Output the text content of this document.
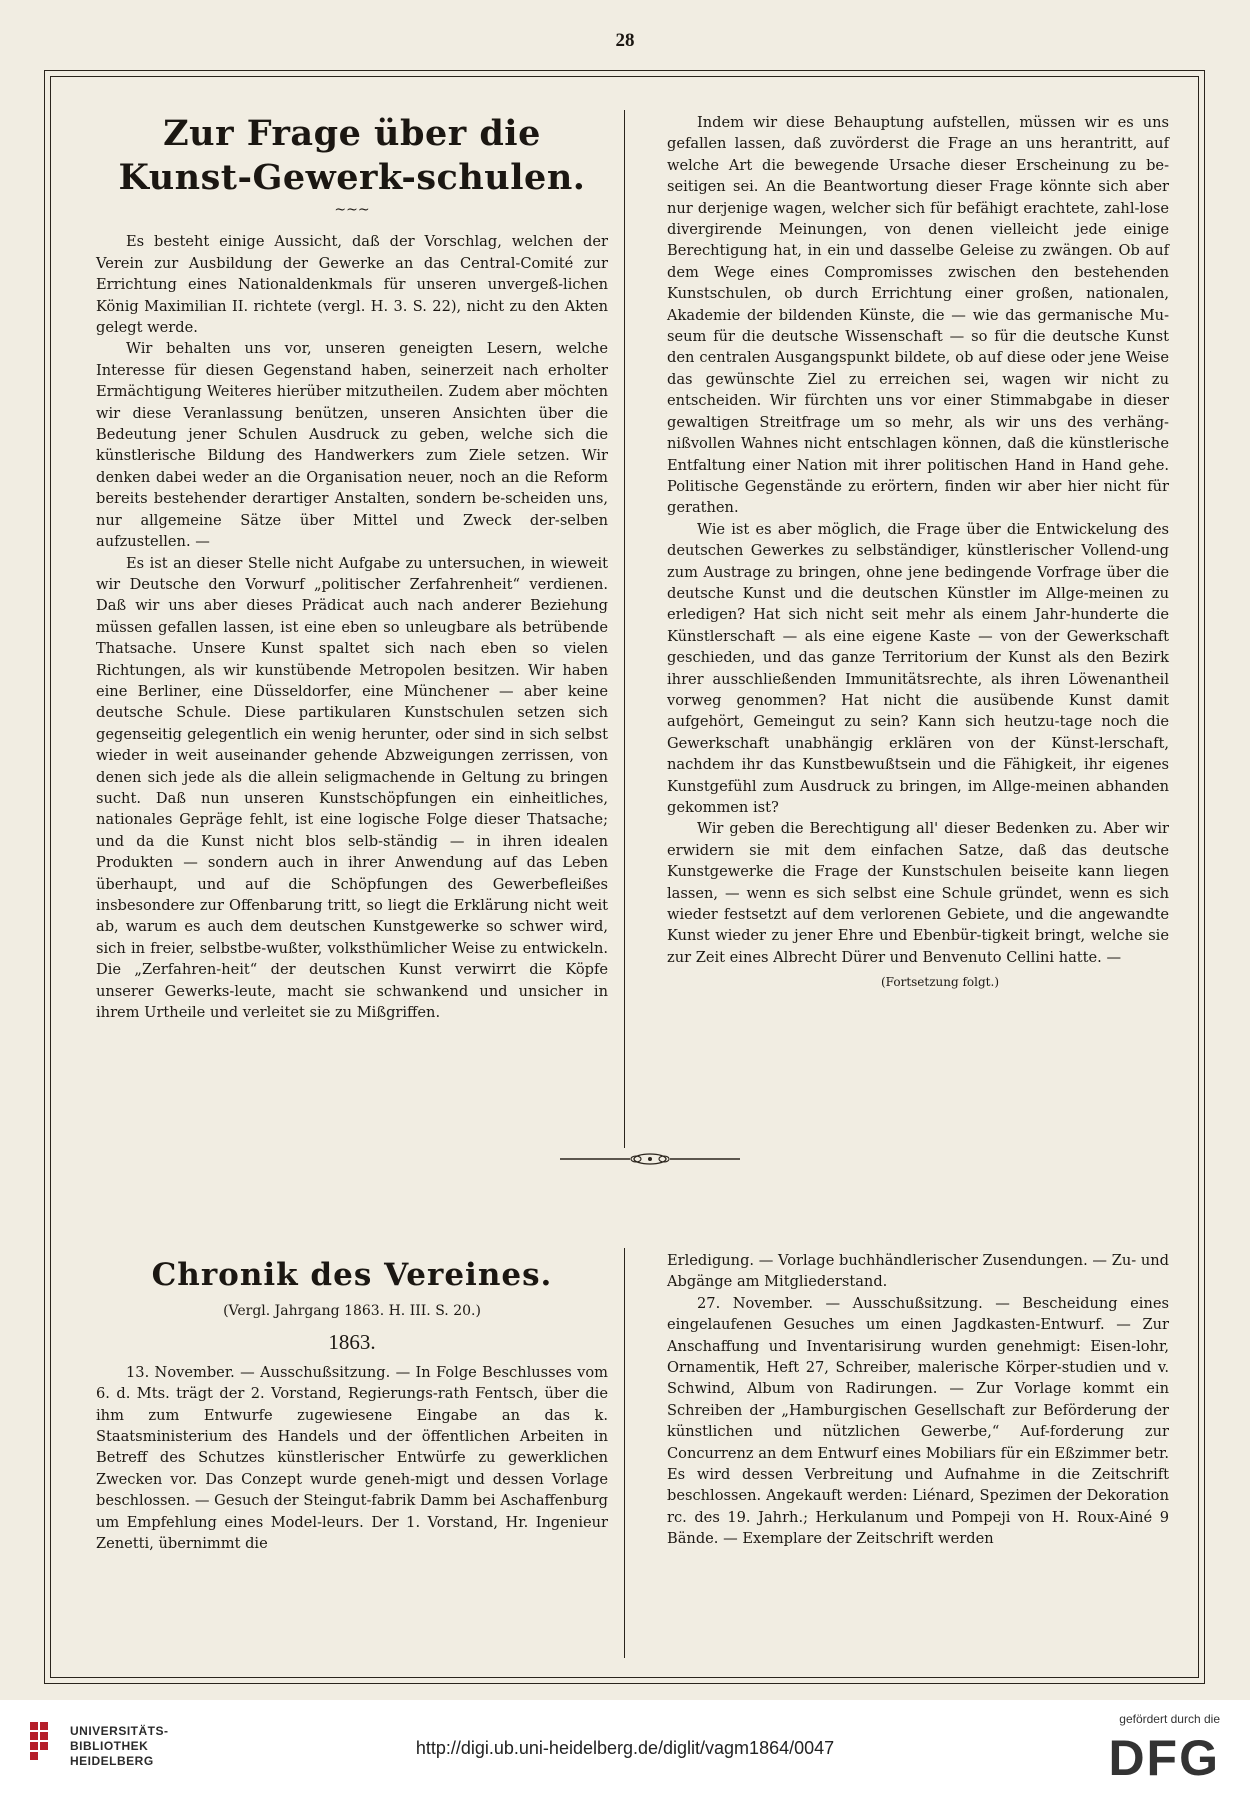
28
Zur Frage über die Kunst-Gewerk-schulen.
~~~

Es besteht einige Aussicht, daß der Vorschlag, welchen der Verein zur Ausbildung der Gewerke an das Central-Comité zur Errichtung eines Nationaldenkmals für unseren unvergeß-lichen König Maximilian II. richtete (vergl. H. 3. S. 22), nicht zu den Akten gelegt werde.

Wir behalten uns vor, unseren geneigten Lesern, welche Interesse für diesen Gegenstand haben, seinerzeit nach erholter Ermächtigung Weiteres hierüber mitzutheilen. Zudem aber möchten wir diese Veranlassung benützen, unseren Ansichten über die Bedeutung jener Schulen Ausdruck zu geben, welche sich die künstlerische Bildung des Handwerkers zum Ziele setzen. Wir denken dabei weder an die Organisation neuer, noch an die Reform bereits bestehender derartiger Anstalten, sondern be-scheiden uns, nur allgemeine Sätze über Mittel und Zweck der-selben aufzustellen. —

Es ist an dieser Stelle nicht Aufgabe zu untersuchen, in wieweit wir Deutsche den Vorwurf „politischer Zerfahrenheit“ verdienen. Daß wir uns aber dieses Prädicat auch nach anderer Beziehung müssen gefallen lassen, ist eine eben so unleugbare als betrübende Thatsache. Unsere Kunst spaltet sich nach eben so vielen Richtungen, als wir kunstübende Metropolen besitzen. Wir haben eine Berliner, eine Düsseldorfer, eine Münchener — aber keine deutsche Schule. Diese partikularen Kunstschulen setzen sich gegenseitig gelegentlich ein wenig herunter, oder sind in sich selbst wieder in weit auseinander gehende Abzweigungen zerrissen, von denen sich jede als die allein seligmachende in Geltung zu bringen sucht. Daß nun unseren Kunstschöpfungen ein einheitliches, nationales Gepräge fehlt, ist eine logische Folge dieser Thatsache; und da die Kunst nicht blos selb-ständig — in ihren idealen Produkten — sondern auch in ihrer Anwendung auf das Leben überhaupt, und auf die Schöpfungen des Gewerbefleißes insbesondere zur Offenbarung tritt, so liegt die Erklärung nicht weit ab, warum es auch dem deutschen Kunstgewerke so schwer wird, sich in freier, selbstbe-wußter, volksthümlicher Weise zu entwickeln. Die „Zerfahren-heit“ der deutschen Kunst verwirrt die Köpfe unserer Gewerks-leute, macht sie schwankend und unsicher in ihrem Urtheile und verleitet sie zu Mißgriffen.

Indem wir diese Behauptung aufstellen, müssen wir es uns gefallen lassen, daß zuvörderst die Frage an uns herantritt, auf welche Art die bewegende Ursache dieser Erscheinung zu be-seitigen sei. An die Beantwortung dieser Frage könnte sich aber nur derjenige wagen, welcher sich für befähigt erachtete, zahl-lose divergirende Meinungen, von denen vielleicht jede einige Berechtigung hat, in ein und dasselbe Geleise zu zwängen. Ob auf dem Wege eines Compromisses zwischen den bestehenden Kunstschulen, ob durch Errichtung einer großen, nationalen, Akademie der bildenden Künste, die — wie das germanische Mu-seum für die deutsche Wissenschaft — so für die deutsche Kunst den centralen Ausgangspunkt bildete, ob auf diese oder jene Weise das gewünschte Ziel zu erreichen sei, wagen wir nicht zu entscheiden. Wir fürchten uns vor einer Stimmabgabe in dieser gewaltigen Streitfrage um so mehr, als wir uns des verhäng-nißvollen Wahnes nicht entschlagen können, daß die künstlerische Entfaltung einer Nation mit ihrer politischen Hand in Hand gehe. Politische Gegenstände zu erörtern, finden wir aber hier nicht für gerathen.

Wie ist es aber möglich, die Frage über die Entwickelung des deutschen Gewerkes zu selbständiger, künstlerischer Vollend-ung zum Austrage zu bringen, ohne jene bedingende Vorfrage über die deutsche Kunst und die deutschen Künstler im Allge-meinen zu erledigen? Hat sich nicht seit mehr als einem Jahr-hunderte die Künstlerschaft — als eine eigene Kaste — von der Gewerkschaft geschieden, und das ganze Territorium der Kunst als den Bezirk ihrer ausschließenden Immunitätsrechte, als ihren Löwenantheil vorweg genommen? Hat nicht die ausübende Kunst damit aufgehört, Gemeingut zu sein? Kann sich heutzu-tage noch die Gewerkschaft unabhängig erklären von der Künst-lerschaft, nachdem ihr das Kunstbewußtsein und die Fähigkeit, ihr eigenes Kunstgefühl zum Ausdruck zu bringen, im Allge-meinen abhanden gekommen ist?

Wir geben die Berechtigung all' dieser Bedenken zu. Aber wir erwidern sie mit dem einfachen Satze, daß das deutsche Kunstgewerke die Frage der Kunstschulen beiseite kann liegen lassen, — wenn es sich selbst eine Schule gründet, wenn es sich wieder festsetzt auf dem verlorenen Gebiete, und die angewandte Kunst wieder zu jener Ehre und Ebenbür-tigkeit bringt, welche sie zur Zeit eines Albrecht Dürer und Benvenuto Cellini hatte. —

(Fortsetzung folgt.)
Chronik des Vereines.
(Vergl. Jahrgang 1863. H. III. S. 20.)
1863.

13. November. — Ausschußsitzung. — In Folge Beschlusses vom 6. d. Mts. trägt der 2. Vorstand, Regierungs-rath Fentsch, über die ihm zum Entwurfe zugewiesene Eingabe an das k. Staatsministerium des Handels und der öffentlichen Arbeiten in Betreff des Schutzes künstlerischer Entwürfe zu gewerklichen Zwecken vor. Das Conzept wurde geneh-migt und dessen Vorlage beschlossen. — Gesuch der Steingut-fabrik Damm bei Aschaffenburg um Empfehlung eines Model-leurs. Der 1. Vorstand, Hr. Ingenieur Zenetti, übernimmt die

Erledigung. — Vorlage buchhändlerischer Zusendungen. — Zu- und Abgänge am Mitgliederstand.

27. November. — Ausschußsitzung. — Bescheidung eines eingelaufenen Gesuches um einen Jagdkasten-Entwurf. — Zur Anschaffung und Inventarisirung wurden genehmigt: Eisen-lohr, Ornamentik, Heft 27, Schreiber, malerische Körper-studien und v. Schwind, Album von Radirungen. — Zur Vorlage kommt ein Schreiben der „Hamburgischen Gesellschaft zur Beförderung der künstlichen und nützlichen Gewerbe,“ Auf-forderung zur Concurrenz an dem Entwurf eines Mobiliars für ein Eßzimmer betr. Es wird dessen Verbreitung und Aufnahme in die Zeitschrift beschlossen. Angekauft werden: Liénard, Spezimen der Dekoration rc. des 19. Jahrh.; Herkulanum und Pompeji von H. Roux-Ainé 9 Bände. — Exemplare der Zeitschrift werden

UNIVERSITÄTS-
BIBLIOTHEK
HEIDELBERG
http://digi.ub.uni-heidelberg.de/diglit/vagm1864/0047
gefördert durch die
DFG
